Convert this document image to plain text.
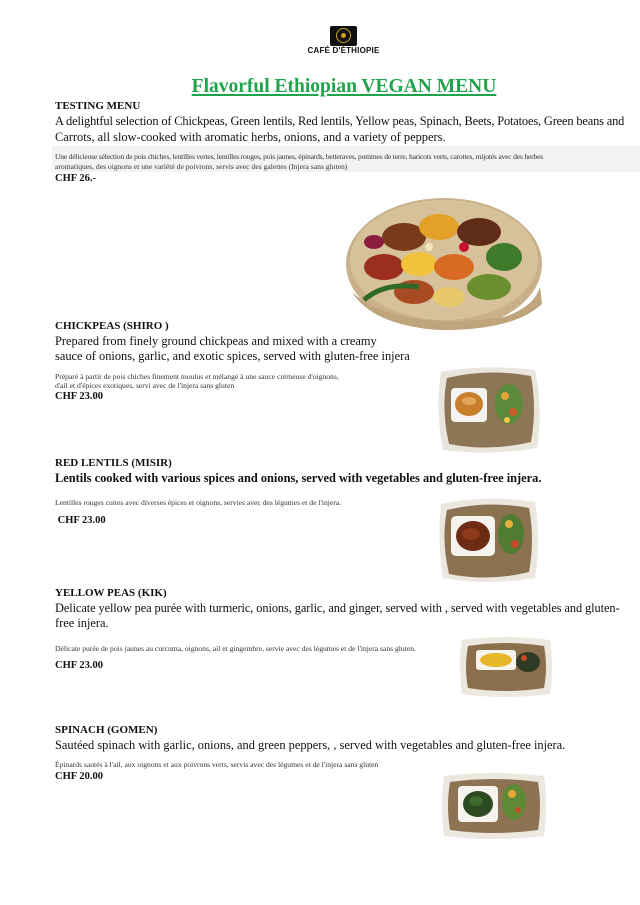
CAFÉ D'ÉTHIOPIE
Flavorful Ethiopian VEGAN MENU
TESTING MENU
A delightful selection of Chickpeas, Green lentils, Red lentils, Yellow peas, Spinach, Beets, Potatoes, Green beans and
Carrots, all slow-cooked with aromatic herbs, onions, and a variety of peppers.
Une délicieuse sélection de pois chiches, lentilles vertes, lentilles rouges, pois jaunes, épinards, betteraves, pommes de terre, haricots verts, carottes, mijotés avec des herbes
aromatiques, des oignons et une variété de poivrons, servis avec des galettes (Injera sans gluten)
CHF 26.-
CHICKPEAS (SHIRO )
Prepared from finely ground chickpeas and mixed with a creamy
sauce of onions, garlic, and exotic spices, served with gluten-free injera
Préparé à partir de pois chiches finement moulus et mélangé à une sauce crémeuse d'oignons,
d'ail et d'épices exotiques, servi avec de l'injera sans gluten
CHF 23.00
RED LENTILS (MISIR)
Lentils cooked with various spices and onions, served with vegetables and gluten-free injera.
Lentilles rouges cuites avec diverses épices et oignons, servies avec des légumes et de l'injera.
CHF 23.00
YELLOW PEAS (KIK)
Delicate yellow pea purée with turmeric, onions, garlic, and ginger, served with , served with vegetables and gluten-
free injera.
Délicate purée de pois jaunes au curcuma, oignons, ail et gingembre, servie avec des légumes et de l'injera sans gluten.
CHF 23.00
SPINACH (GOMEN)
Sautéed spinach with garlic, onions, and green peppers, , served with vegetables and gluten-free injera.
Épinards sautés à l'ail, aux oignons et aux poivrons verts, servis avec des légumes et de l'injera sans gluten
CHF 20.00
